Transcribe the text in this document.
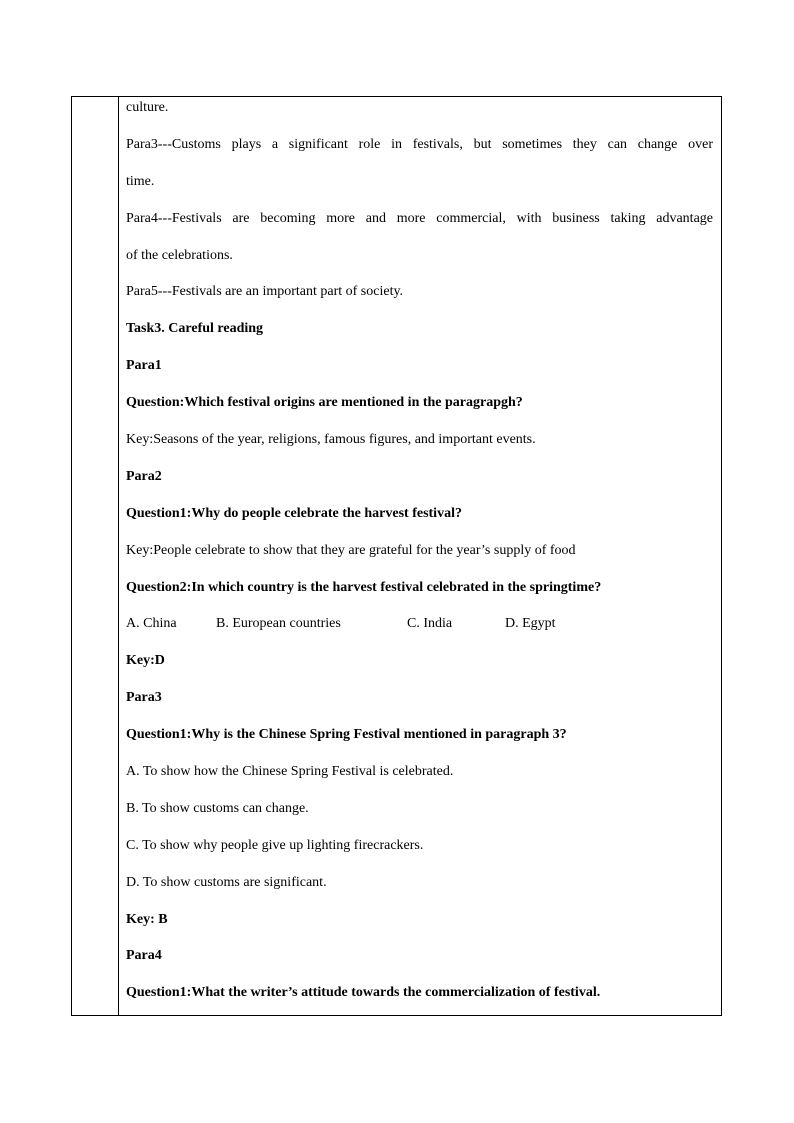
culture.
Para3---Customs plays a significant role in festivals, but sometimes they can change over
time.
Para4---Festivals are becoming more and more commercial, with business taking advantage
of the celebrations.
Para5---Festivals are an important part of society.
Task3. Careful reading
Para1
Question:Which festival origins are mentioned in the paragrapgh?
Key:Seasons of the year, religions, famous figures, and important events.
Para2
Question1:Why do people celebrate the harvest festival?
Key:People celebrate to show that they are grateful for the year’s supply of food
Question2:In which country is the harvest festival celebrated in the springtime?
A. China	B. European countries	C. India	D. Egypt
Key:D
Para3
Question1:Why is the Chinese Spring Festival mentioned in paragraph 3?
A. To show how the Chinese Spring Festival is celebrated.
B. To show customs can change.
C. To show why people give up lighting firecrackers.
D. To show customs are significant.
Key: B
Para4
Question1:What the writer’s attitude towards the commercialization of festival.
